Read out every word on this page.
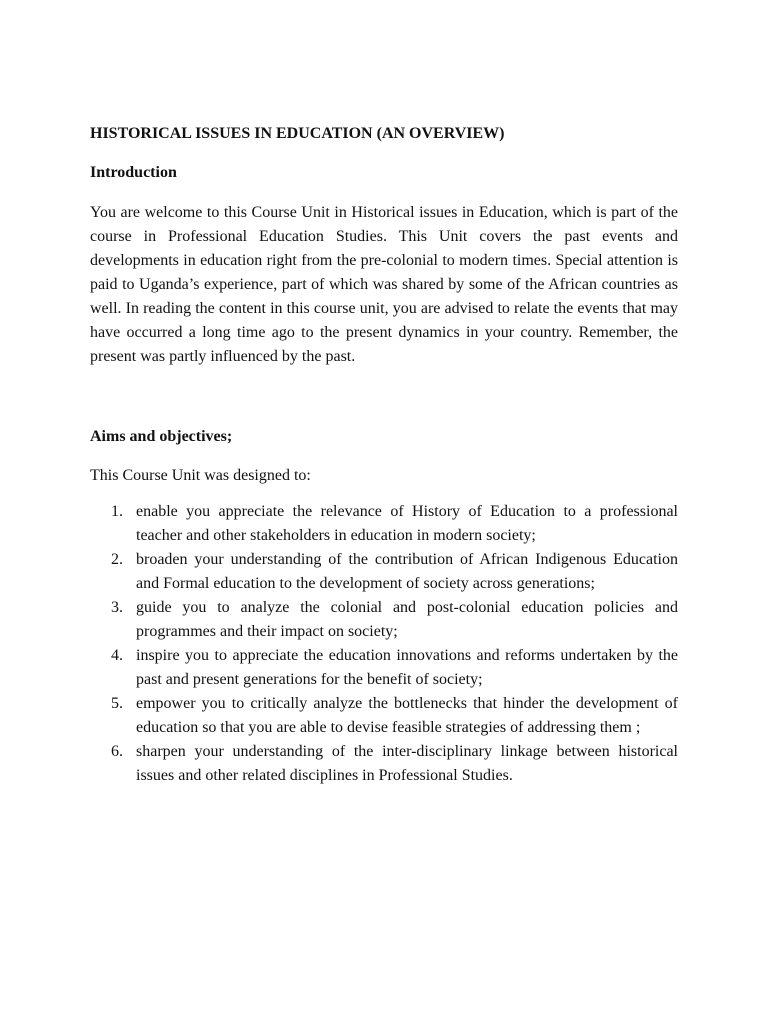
HISTORICAL ISSUES IN EDUCATION (AN OVERVIEW)
Introduction

You are welcome to this Course Unit in Historical issues in Education, which is part of the course in Professional Education Studies. This Unit covers the past events and developments in education right from the pre-colonial to modern times. Special attention is paid to Uganda’s experience, part of which was shared by some of the African countries as well. In reading the content in this course unit, you are advised to relate the events that may have occurred a long time ago to the present dynamics in your country. Remember, the present was partly influenced by the past.

Aims and objectives;

This Course Unit was designed to:

1. enable you appreciate the relevance of History of Education to a professional teacher and other stakeholders in education in modern society;
2. broaden your understanding of the contribution of African Indigenous Education and Formal education to the development of society across generations;
3. guide you to analyze the colonial and post-colonial education policies and programmes and their impact on society;
4. inspire you to appreciate the education innovations and reforms undertaken by the past and present generations for the benefit of society;
5. empower you to critically analyze the bottlenecks that hinder the development of education so that you are able to devise feasible strategies of addressing them ;
6. sharpen your understanding of the inter-disciplinary linkage between historical issues and other related disciplines in Professional Studies.
